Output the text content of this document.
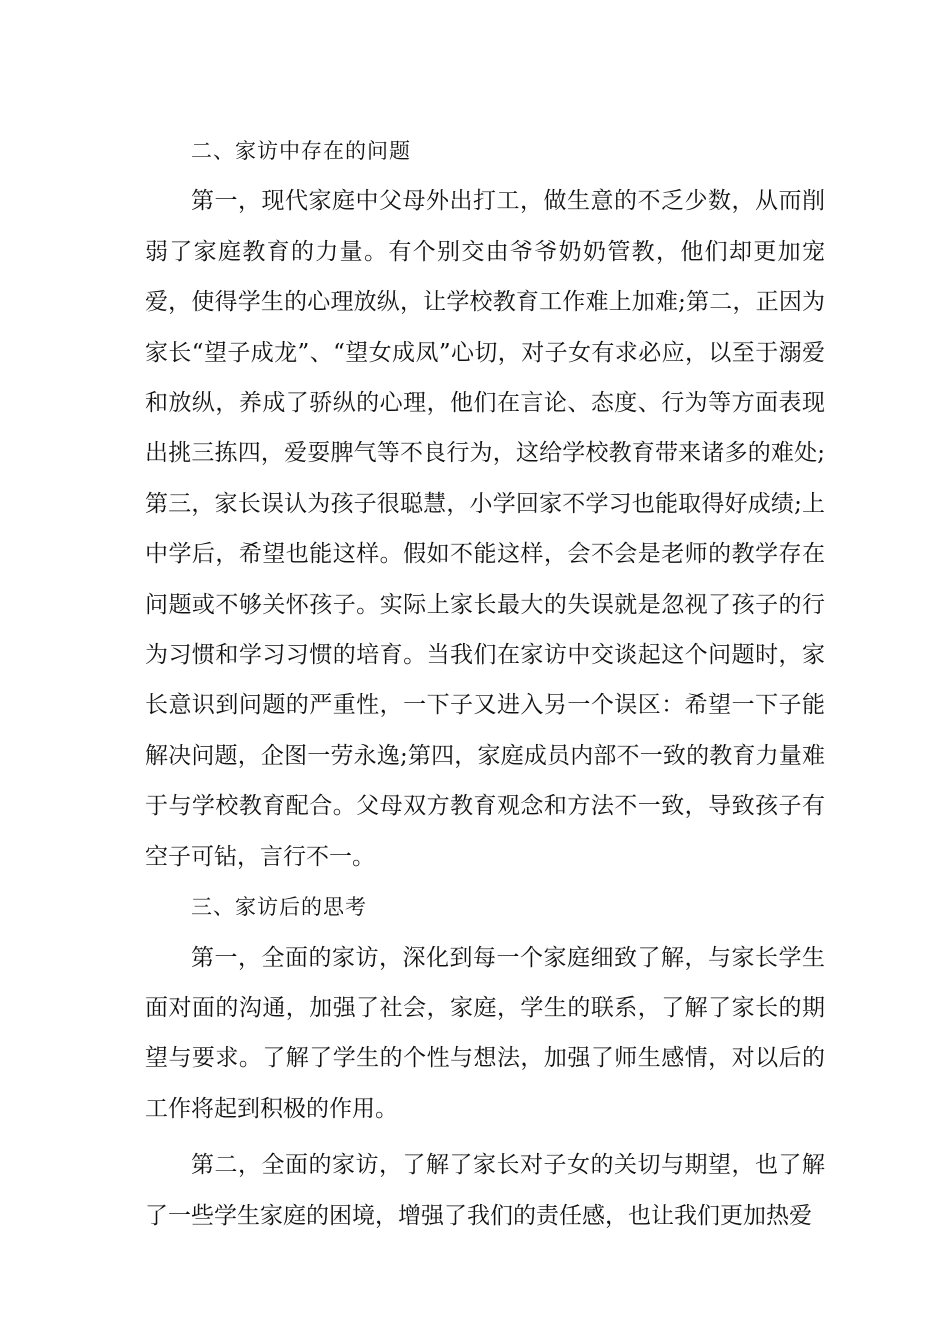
二、家访中存在的问题

第一，现代家庭中父母外出打工，做生意的不乏少数，从而削弱了家庭教育的力量。有个别交由爷爷奶奶管教，他们却更加宠爱，使得学生的心理放纵，让学校教育工作难上加难;第二，正因为家长“望子成龙”、“望女成凤”心切，对子女有求必应，以至于溺爱和放纵，养成了骄纵的心理，他们在言论、态度、行为等方面表现出挑三拣四，爱耍脾气等不良行为，这给学校教育带来诸多的难处;第三，家长误认为孩子很聪慧，小学回家不学习也能取得好成绩;上中学后，希望也能这样。假如不能这样，会不会是老师的教学存在问题或不够关怀孩子。实际上家长最大的失误就是忽视了孩子的行为习惯和学习习惯的培育。当我们在家访中交谈起这个问题时，家长意识到问题的严重性，一下子又进入另一个误区：希望一下子能解决问题，企图一劳永逸;第四，家庭成员内部不一致的教育力量难于与学校教育配合。父母双方教育观念和方法不一致，导致孩子有空子可钻，言行不一。

三、家访后的思考

第一，全面的家访，深化到每一个家庭细致了解，与家长学生面对面的沟通，加强了社会，家庭，学生的联系，了解了家长的期望与要求。了解了学生的个性与想法，加强了师生感情，对以后的工作将起到积极的作用。

第二，全面的家访，了解了家长对子女的关切与期望，也了解了一些学生家庭的困境，增强了我们的责任感，也让我们更加热爱
